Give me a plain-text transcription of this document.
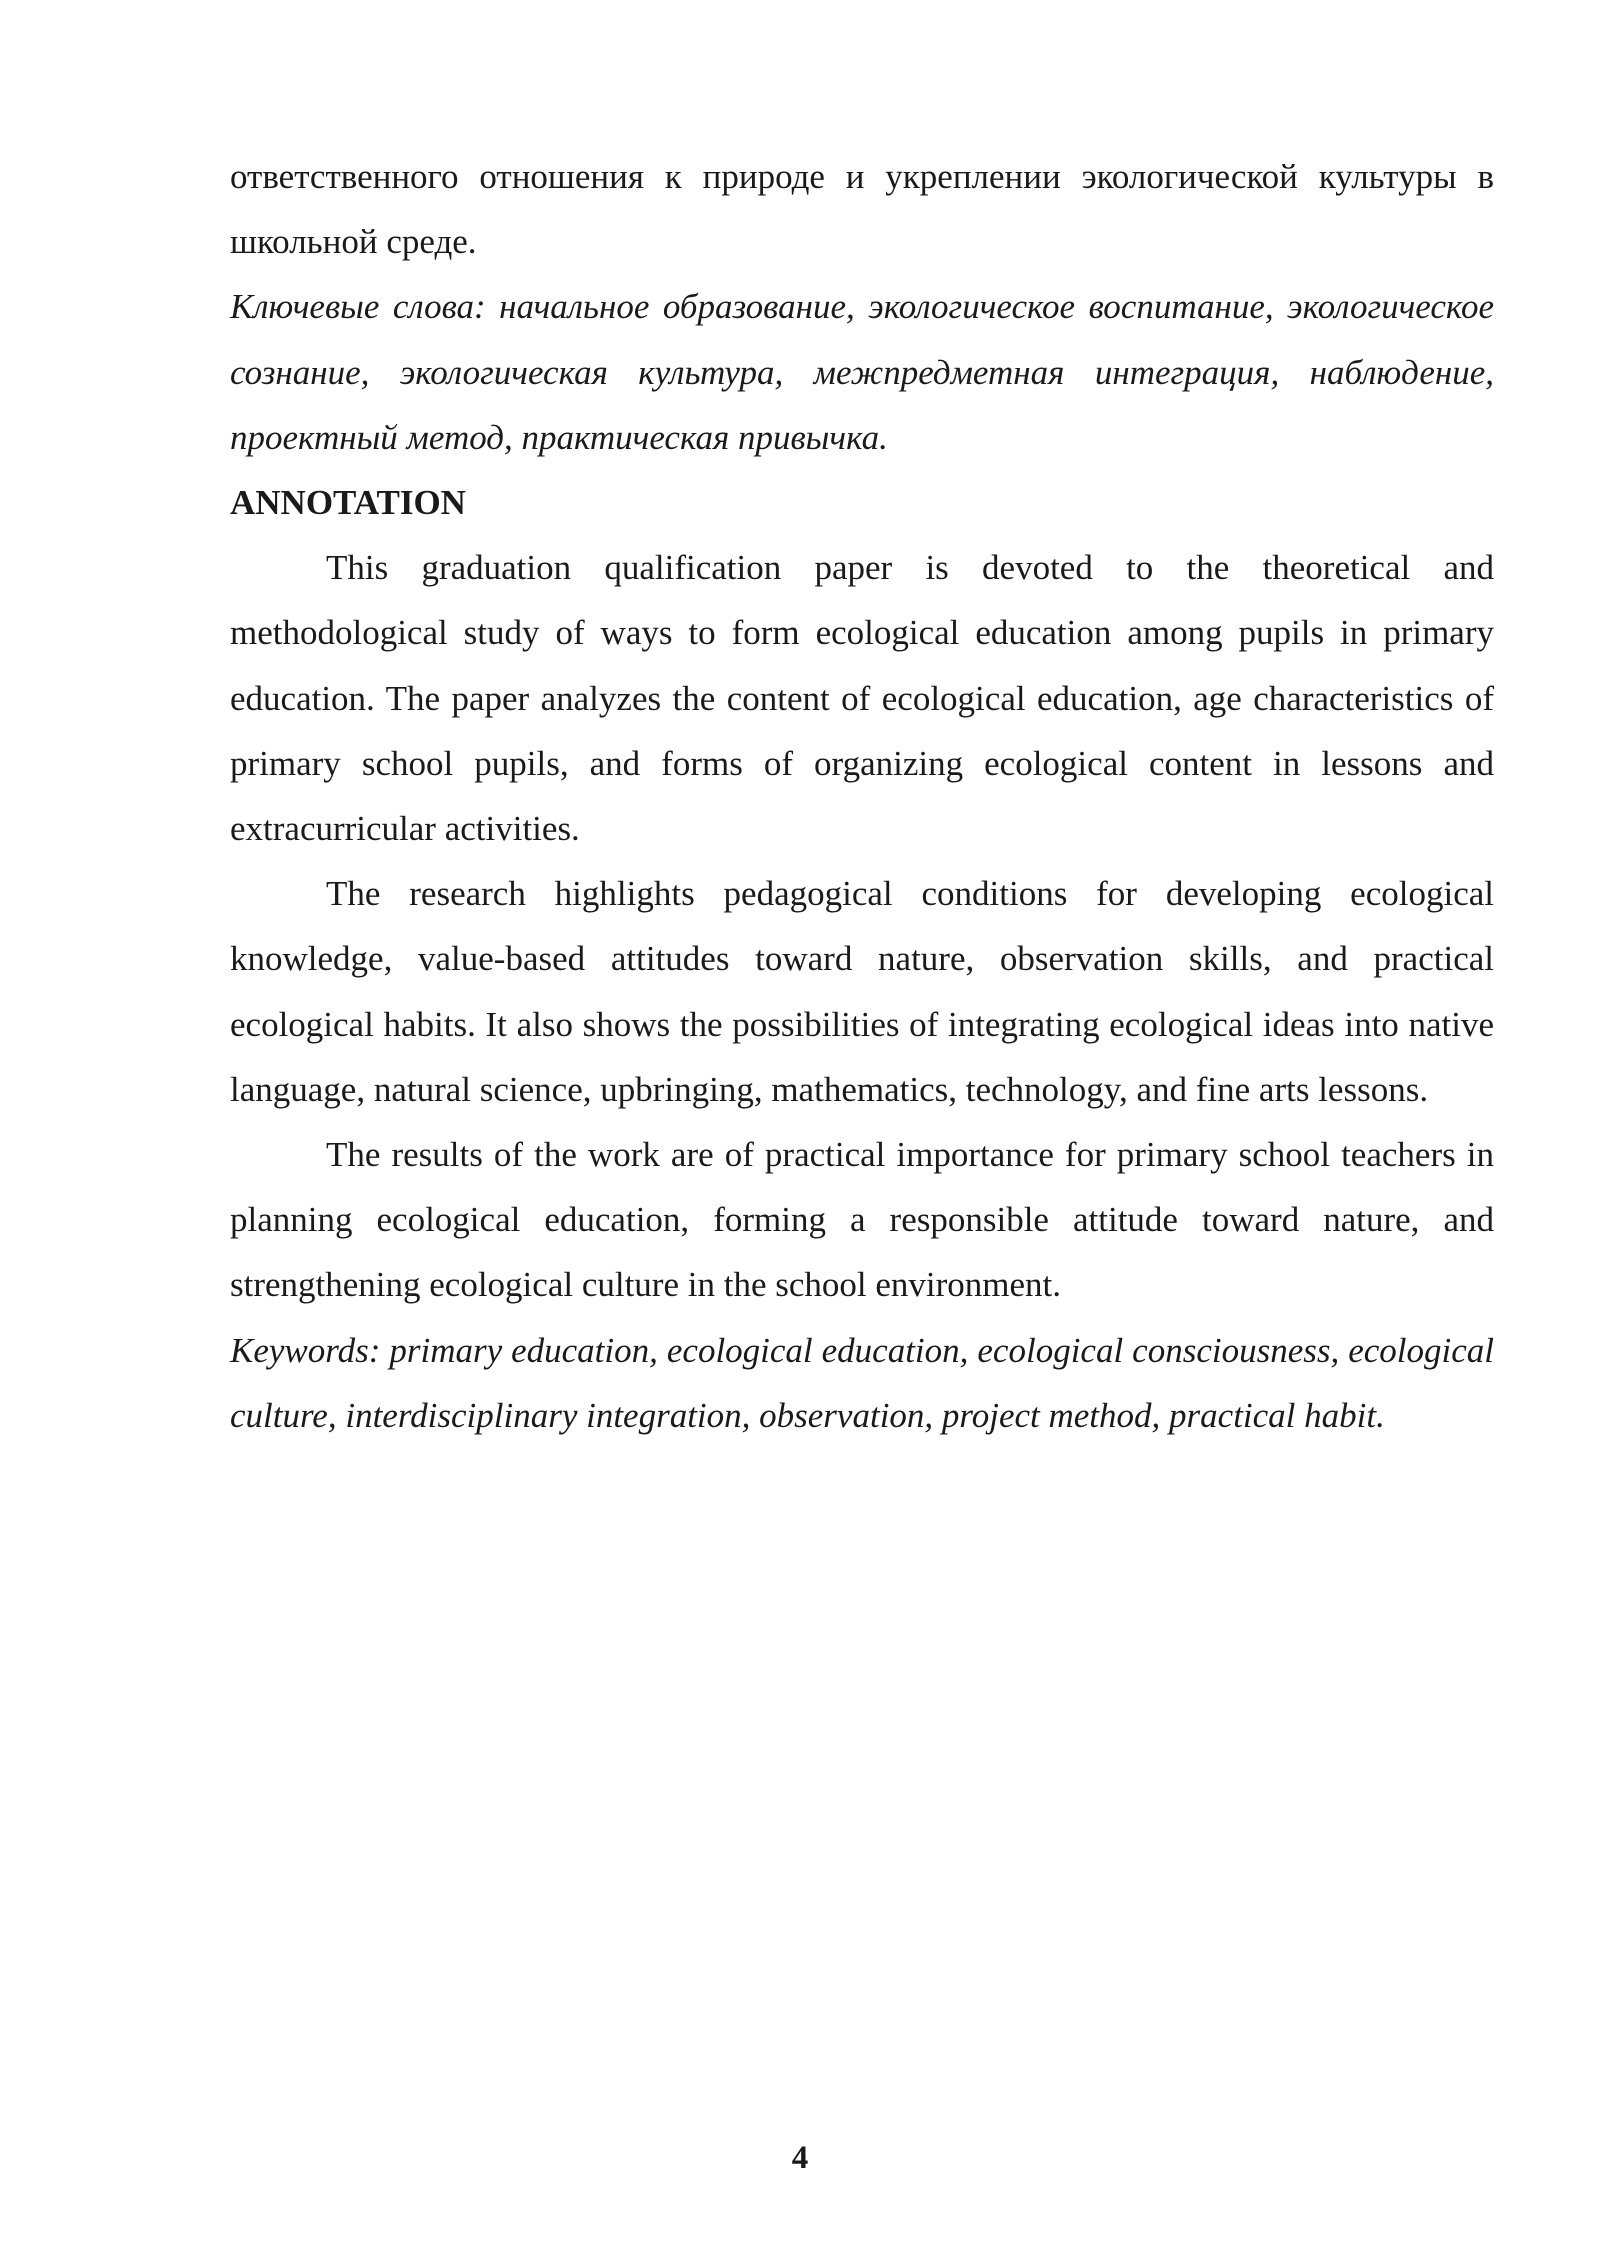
ответственного отношения к природе и укреплении экологической культуры в школьной среде.

Ключевые слова: начальное образование, экологическое воспитание, экологическое сознание, экологическая культура, межпредметная интеграция, наблюдение, проектный метод, практическая привычка.

ANNOTATION

This graduation qualification paper is devoted to the theoretical and methodological study of ways to form ecological education among pupils in primary education. The paper analyzes the content of ecological education, age characteristics of primary school pupils, and forms of organizing ecological content in lessons and extracurricular activities.

The research highlights pedagogical conditions for developing ecological knowledge, value-based attitudes toward nature, observation skills, and practical ecological habits. It also shows the possibilities of integrating ecological ideas into native language, natural science, upbringing, mathematics, technology, and fine arts lessons.

The results of the work are of practical importance for primary school teachers in planning ecological education, forming a responsible attitude toward nature, and strengthening ecological culture in the school environment.

Keywords: primary education, ecological education, ecological consciousness, ecological culture, interdisciplinary integration, observation, project method, practical habit.

4
